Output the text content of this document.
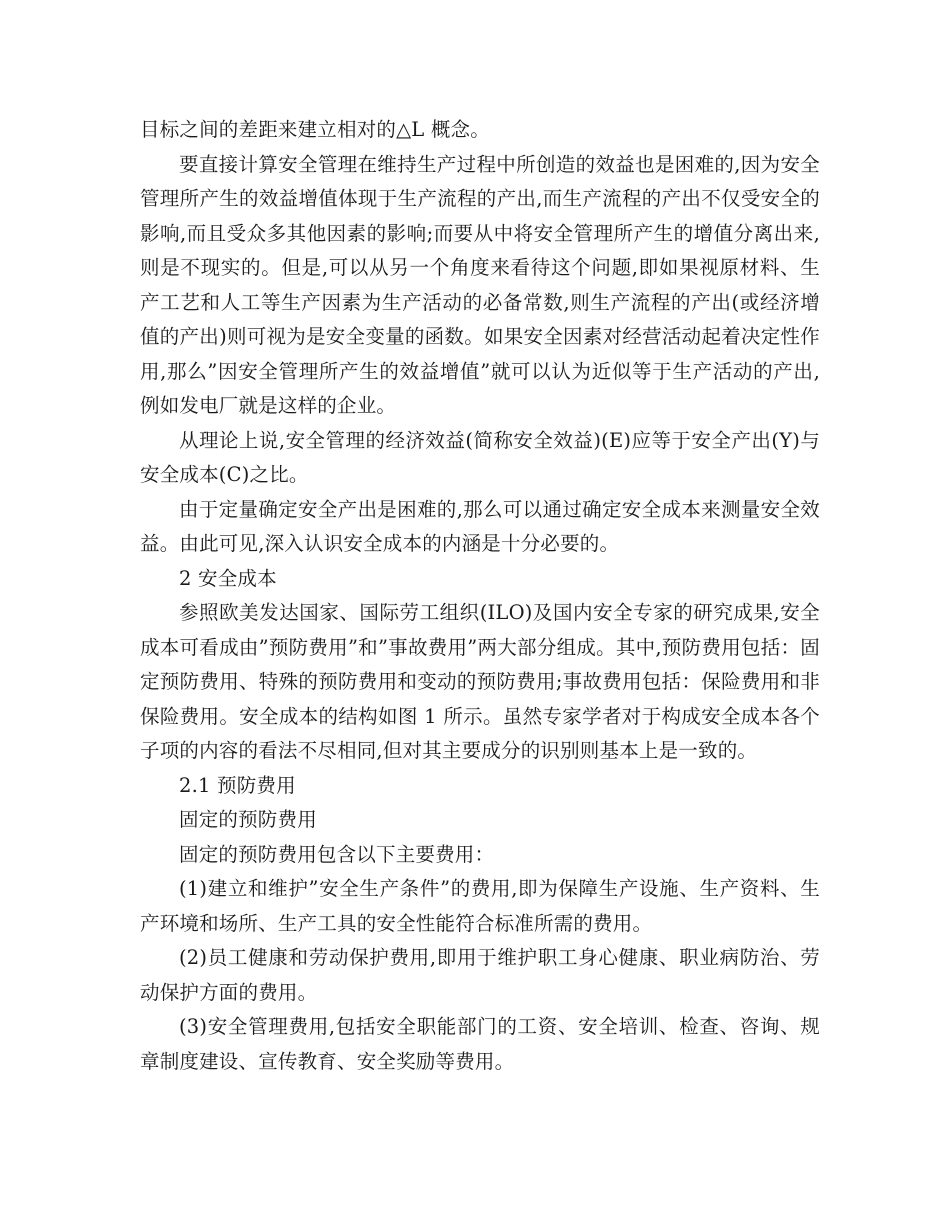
目标之间的差距来建立相对的△L 概念。

要直接计算安全管理在维持生产过程中所创造的效益也是困难的,因为安全管理所产生的效益增值体现于生产流程的产出,而生产流程的产出不仅受安全的影响,而且受众多其他因素的影响;而要从中将安全管理所产生的增值分离出来,则是不现实的。但是,可以从另一个角度来看待这个问题,即如果视原材料、生产工艺和人工等生产因素为生产活动的必备常数,则生产流程的产出(或经济增值的产出)则可视为是安全变量的函数。如果安全因素对经营活动起着决定性作用,那么”因安全管理所产生的效益增值”就可以认为近似等于生产活动的产出,例如发电厂就是这样的企业。

从理论上说,安全管理的经济效益(简称安全效益)(E)应等于安全产出(Y)与安全成本(C)之比。

由于定量确定安全产出是困难的,那么可以通过确定安全成本来测量安全效益。由此可见,深入认识安全成本的内涵是十分必要的。

2 安全成本

参照欧美发达国家、国际劳工组织(ILO)及国内安全专家的研究成果,安全成本可看成由”预防费用”和”事故费用”两大部分组成。其中,预防费用包括：固定预防费用、特殊的预防费用和变动的预防费用;事故费用包括：保险费用和非保险费用。安全成本的结构如图 1 所示。虽然专家学者对于构成安全成本各个子项的内容的看法不尽相同,但对其主要成分的识别则基本上是一致的。

2.1 预防费用

固定的预防费用

固定的预防费用包含以下主要费用：

(1)建立和维护”安全生产条件”的费用,即为保障生产设施、生产资料、生产环境和场所、生产工具的安全性能符合标准所需的费用。

(2)员工健康和劳动保护费用,即用于维护职工身心健康、职业病防治、劳动保护方面的费用。

(3)安全管理费用,包括安全职能部门的工资、安全培训、检查、咨询、规章制度建设、宣传教育、安全奖励等费用。
